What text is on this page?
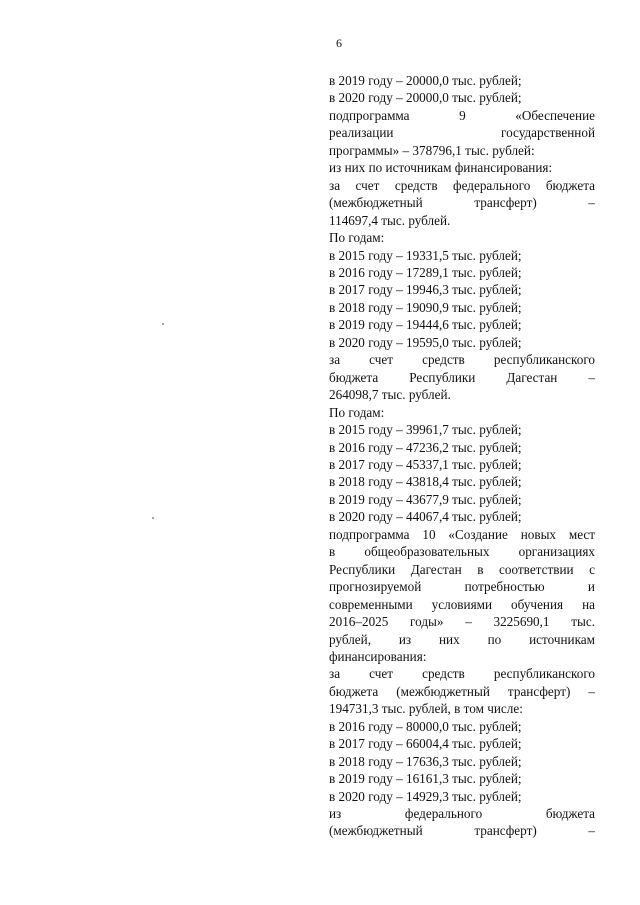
6

в 2019 году – 20000,0 тыс. рублей;

в 2020 году – 20000,0 тыс. рублей;

подпрограмма 9 «Обеспечение

реализации государственной

программы» – 378796,1 тыс. рублей:

из них по источникам финансирования:

за счет средств федерального бюджета

(межбюджетный трансферт) –

114697,4 тыс. рублей.

По годам:

в 2015 году – 19331,5 тыс. рублей;

в 2016 году – 17289,1 тыс. рублей;

в 2017 году – 19946,3 тыс. рублей;

в 2018 году – 19090,9 тыс. рублей;

в 2019 году – 19444,6 тыс. рублей;

в 2020 году – 19595,0 тыс. рублей;

за счет средств республиканского

бюджета Республики Дагестан –

264098,7 тыс. рублей.

По годам:

в 2015 году – 39961,7 тыс. рублей;

в 2016 году – 47236,2 тыс. рублей;

в 2017 году – 45337,1 тыс. рублей;

в 2018 году – 43818,4 тыс. рублей;

в 2019 году – 43677,9 тыс. рублей;

в 2020 году – 44067,4 тыс. рублей;

подпрограмма 10 «Создание новых мест

в общеобразовательных организациях

Республики Дагестан в соответствии с

прогнозируемой потребностью и

современными условиями обучения на

2016–2025 годы» – 3225690,1 тыс.

рублей, из них по источникам

финансирования:

за счет средств республиканского

бюджета (межбюджетный трансферт) –

194731,3 тыс. рублей, в том числе:

в 2016 году – 80000,0 тыс. рублей;

в 2017 году – 66004,4 тыс. рублей;

в 2018 году – 17636,3 тыс. рублей;

в 2019 году – 16161,3 тыс. рублей;

в 2020 году – 14929,3 тыс. рублей;

из федерального бюджета

(межбюджетный трансферт) –
